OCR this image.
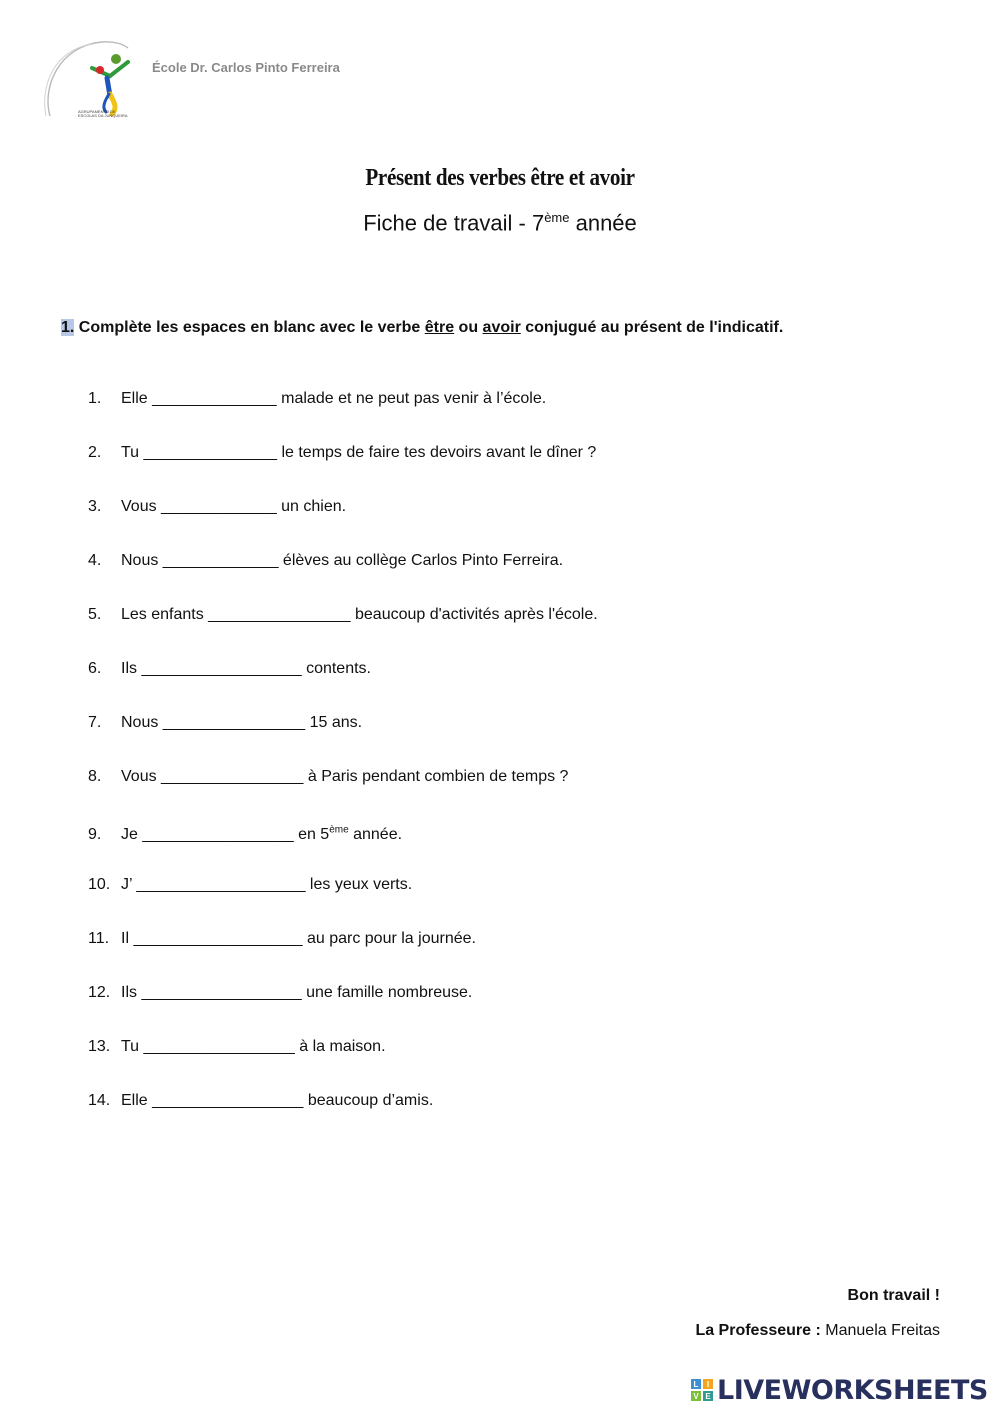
AGRUPAMENTO DE
ESCOLAS DA JUNQUEIRA
École Dr. Carlos Pinto Ferreira
Présent des verbes être et avoir
Fiche de travail - 7ème année
1. Complète les espaces en blanc avec le verbe être ou avoir conjugué au présent de l'indicatif.
1. Elle ______________ malade et ne peut pas venir à l’école.
2. Tu _______________ le temps de faire tes devoirs avant le dîner ?
3. Vous _____________ un chien.
4. Nous _____________ élèves au collège Carlos Pinto Ferreira.
5. Les enfants ________________ beaucoup d'activités après l'école.
6. Ils __________________ contents.
7. Nous ________________ 15 ans.
8. Vous ________________ à Paris pendant combien de temps ?
9. Je _________________ en 5ème année.
10. J’ ___________________ les yeux verts.
11. Il ___________________ au parc pour la journée.
12. Ils __________________ une famille nombreuse.
13. Tu _________________ à la maison.
14. Elle _________________ beaucoup d’amis.
Bon travail !
La Professeure : Manuela Freitas
L I
V E LIVEWORKSHEETS
